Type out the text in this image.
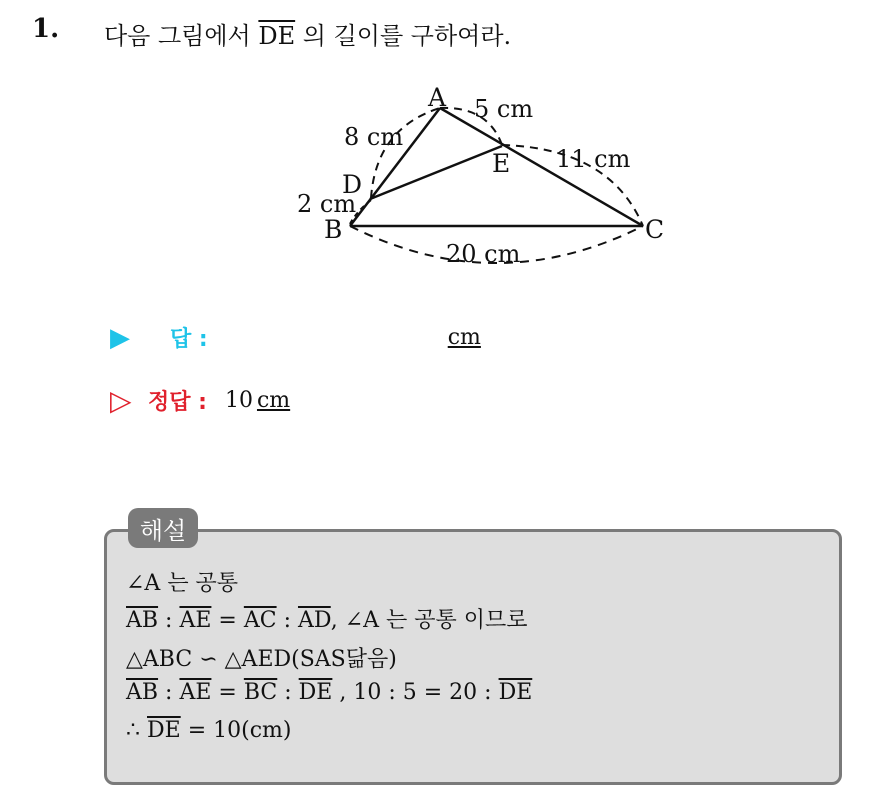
1. 다음 그림에서 $\overline{DE}$ 의 길이를 구하여라.
A
B	C
D
E
8 cm
2 cm
5 cm
11 cm
20 cm
▶	답 :	cm
▷ 정답 : 10 cm
해설
∠A 는 공통
$\overline{AB}$ : $\overline{AE} = \overline{AC}$ : $\overline{AD}$, ∠A 는 공통 이므로
△ABC ∽ △AED(SAS닮음)
$\overline{AB}$ : $\overline{AE} = \overline{BC}$ : $\overline{DE}$ , 10 : 5 = 20 : $\overline{DE}$
∴ $\overline{DE} = 10(cm)$
